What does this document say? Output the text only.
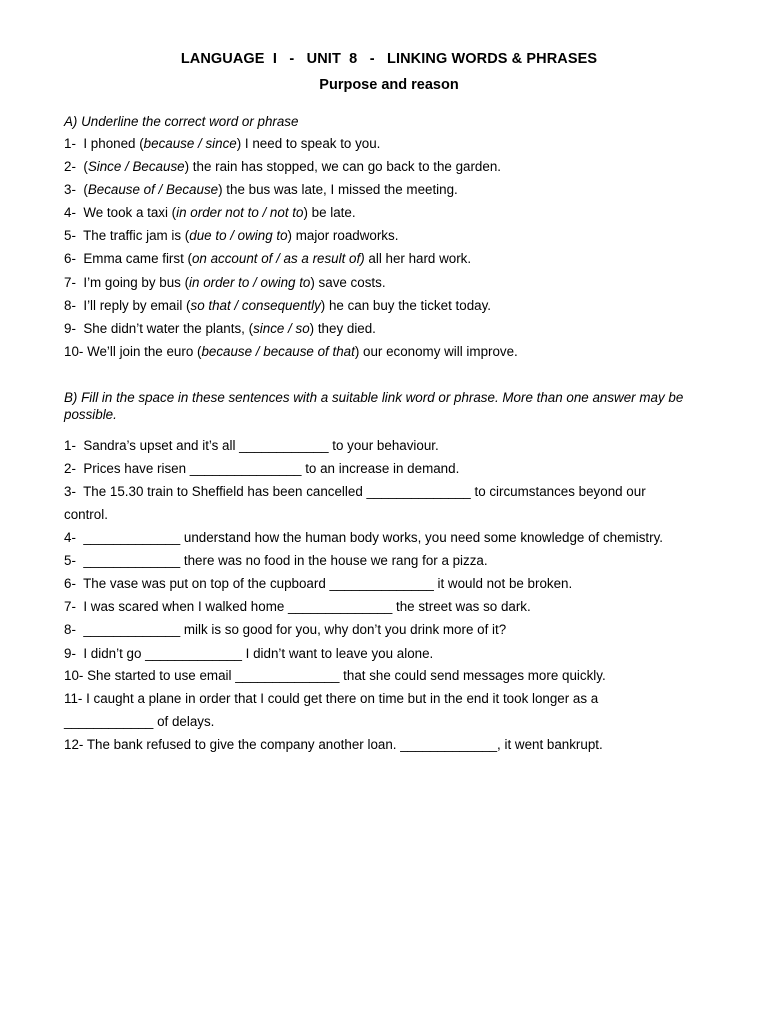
LANGUAGE  I   -   UNIT  8   -   LINKING WORDS & PHRASES
Purpose and reason
A) Underline the correct word or phrase
1-  I phoned (because / since) I need to speak to you.
2-  (Since / Because) the rain has stopped, we can go back to the garden.
3-  (Because of / Because) the bus was late, I missed the meeting.
4-  We took a taxi (in order not to / not to) be late.
5-  The traffic jam is (due to / owing to) major roadworks.
6-  Emma came first (on account of / as a result of) all her hard work.
7-  I’m going by bus (in order to / owing to) save costs.
8-  I’ll reply by email (so that / consequently) he can buy the ticket today.
9-  She didn’t water the plants, (since / so) they died.
10- We’ll join the euro (because / because of that) our economy will improve.
B) Fill in the space in these sentences with a suitable link word or phrase. More than one answer may be possible.
1-  Sandra’s upset and it’s all ____________ to your behaviour.
2-  Prices have risen _______________ to an increase in demand.
3-  The 15.30 train to Sheffield has been cancelled ______________ to circumstances beyond our
control.
4-  _____________ understand how the human body works, you need some knowledge of chemistry.
5-  _____________ there was no food in the house we rang for a pizza.
6-  The vase was put on top of the cupboard ______________ it would not be broken.
7-  I was scared when I walked home ______________ the street was so dark.
8-  _____________ milk is so good for you, why don’t you drink more of it?
9-  I didn’t go _____________ I didn’t want to leave you alone.
10- She started to use email ______________ that she could send messages more quickly.
11- I caught a plane in order that I could get there on time but in the end it took longer as a
____________ of delays.
12- The bank refused to give the company another loan. _____________, it went bankrupt.
